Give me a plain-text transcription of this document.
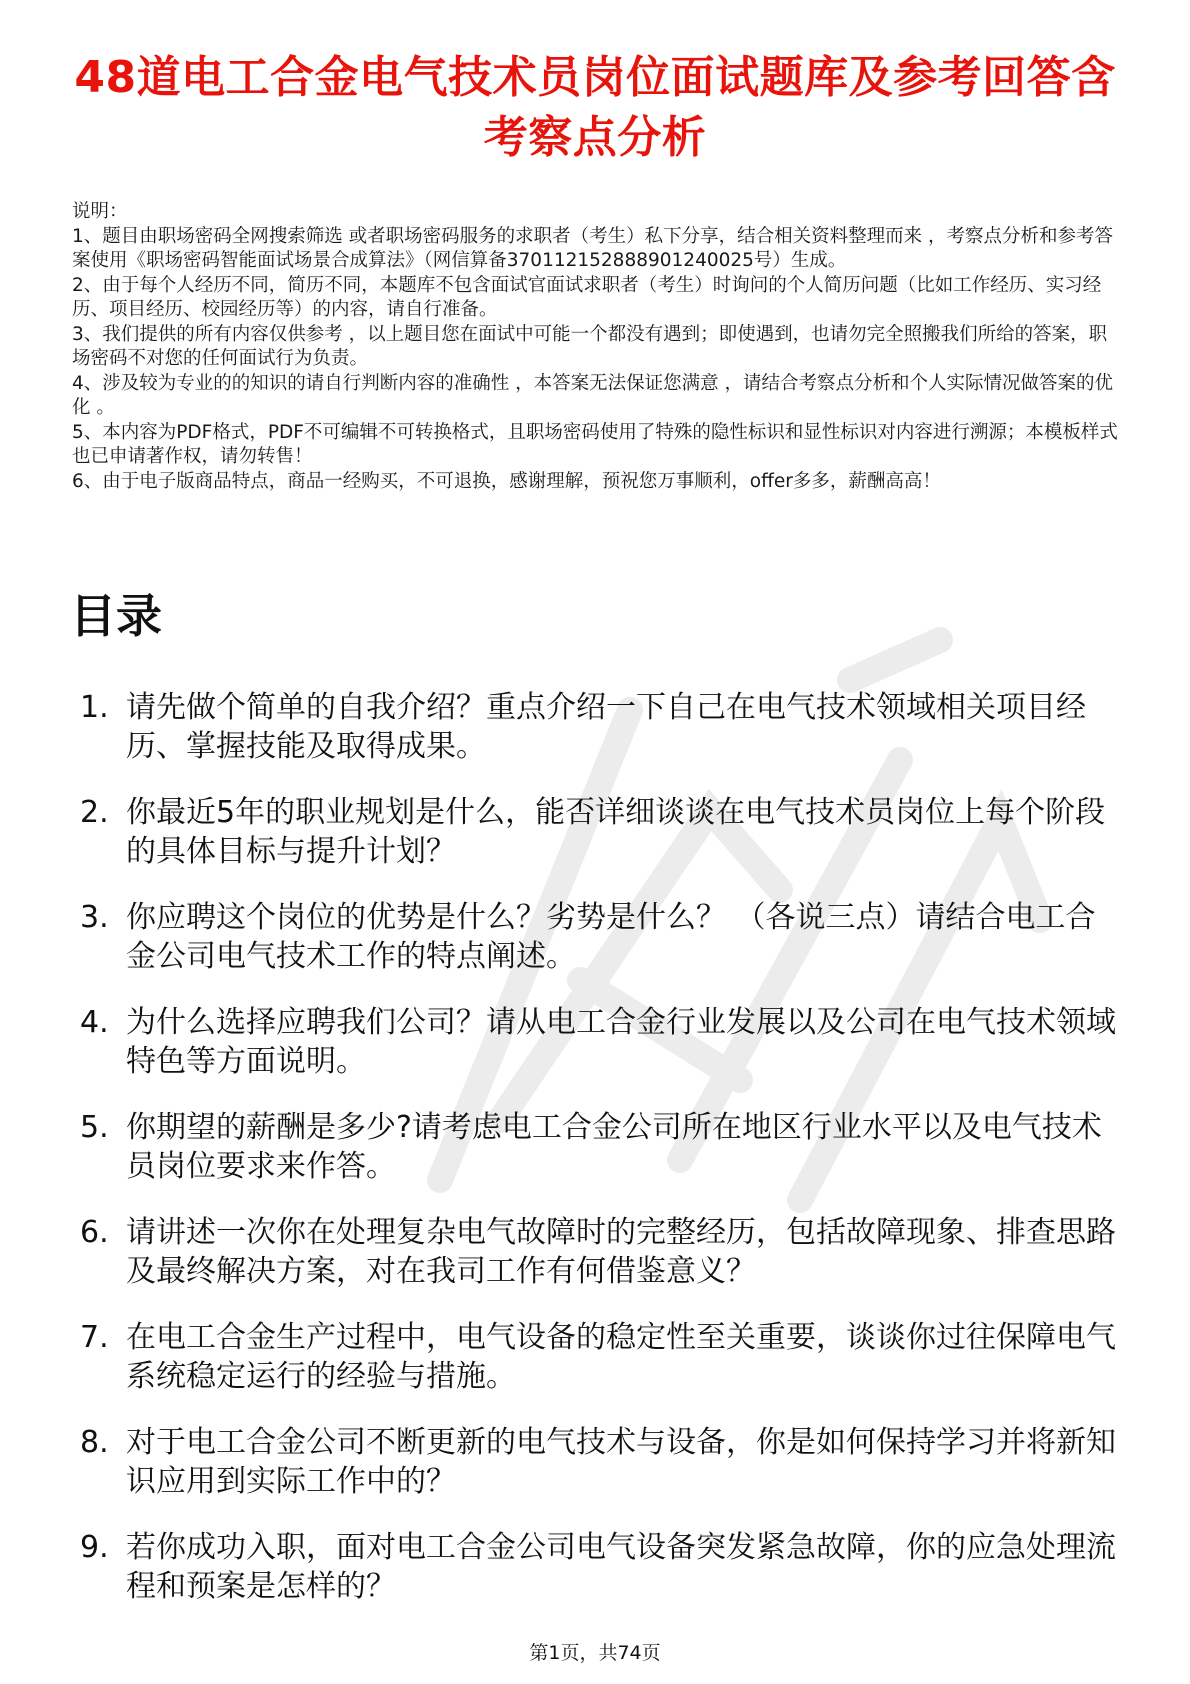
48道电工合金电气技术员岗位面试题库及参考回答含考察点分析

说明：

1、题目由职场密码全网搜索筛选 或者职场密码服务的求职者（考生）私下分享，结合相关资料整理而来 ，考察点分析和参考答案使用《职场密码智能面试场景合成算法》（网信算备370112152888901240025号）生成。

2、由于每个人经历不同，简历不同，本题库不包含面试官面试求职者（考生）时询问的个人简历问题（比如工作经历、实习经历、项目经历、校园经历等）的内容，请自行准备。

3、我们提供的所有内容仅供参考 ，以上题目您在面试中可能一个都没有遇到；即使遇到，也请勿完全照搬我们所给的答案，职场密码不对您的任何面试行为负责。

4、涉及较为专业的的知识的请自行判断内容的准确性 ，本答案无法保证您满意 ，请结合考察点分析和个人实际情况做答案的优化 。

5、本内容为PDF格式，PDF不可编辑不可转换格式，且职场密码使用了特殊的隐性标识和显性标识对内容进行溯源；本模板样式也已申请著作权，请勿转售！

6、由于电子版商品特点，商品一经购买，不可退换，感谢理解，预祝您万事顺利，offer多多，薪酬高高！

目录
1. 请先做个简单的自我介绍？重点介绍一下自己在电气技术领域相关项目经历、掌握技能及取得成果。
2. 你最近5年的职业规划是什么，能否详细谈谈在电气技术员岗位上每个阶段的具体目标与提升计划？
3. 你应聘这个岗位的优势是什么？劣势是什么？ （各说三点）请结合电工合金公司电气技术工作的特点阐述。
4. 为什么选择应聘我们公司？请从电工合金行业发展以及公司在电气技术领域特色等方面说明。
5. 你期望的薪酬是多少?请考虑电工合金公司所在地区行业水平以及电气技术员岗位要求来作答。
6. 请讲述一次你在处理复杂电气故障时的完整经历，包括故障现象、排查思路及最终解决方案，对在我司工作有何借鉴意义？
7. 在电工合金生产过程中，电气设备的稳定性至关重要，谈谈你过往保障电气系统稳定运行的经验与措施。
8. 对于电工合金公司不断更新的电气技术与设备，你是如何保持学习并将新知识应用到实际工作中的？
9. 若你成功入职，面对电工合金公司电气设备突发紧急故障，你的应急处理流程和预案是怎样的？
第1页，共74页
